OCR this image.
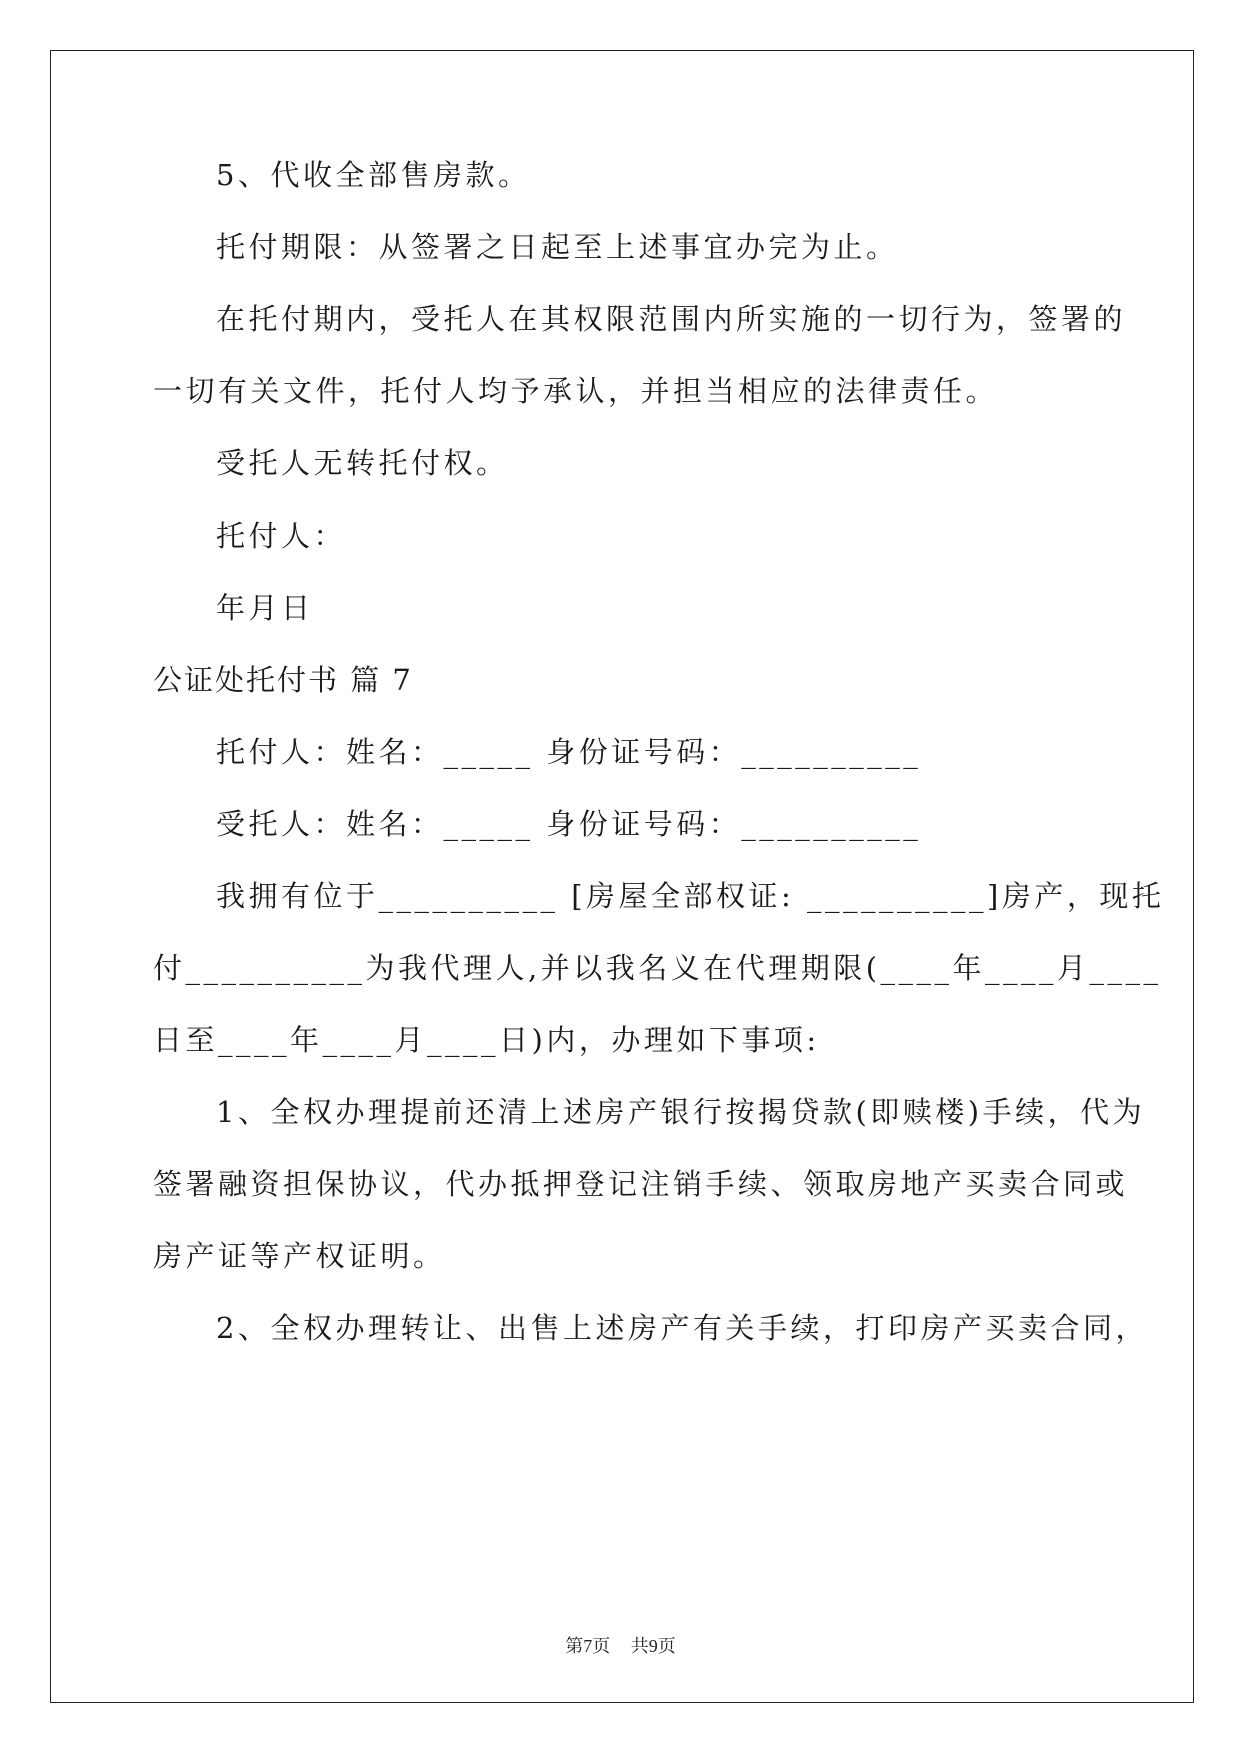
5、代收全部售房款。
托付期限：从签署之日起至上述事宜办完为止。
在托付期内，受托人在其权限范围内所实施的一切行为，签署的
一切有关文件，托付人均予承认，并担当相应的法律责任。
受托人无转托付权。
托付人：
年月日
公证处托付书 篇 7
托付人：姓名：_____ 身份证号码：__________
受托人：姓名：_____ 身份证号码：__________
我拥有位于__________ [房屋全部权证: __________]房产，现托
付__________为我代理人,并以我名义在代理期限(____年____月____
日至____年____月____日)内，办理如下事项:
1、全权办理提前还清上述房产银行按揭贷款(即赎楼)手续，代为
签署融资担保协议，代办抵押登记注销手续、领取房地产买卖合同或
房产证等产权证明。
2、全权办理转让、出售上述房产有关手续，打印房产买卖合同，
第7页 共9页
